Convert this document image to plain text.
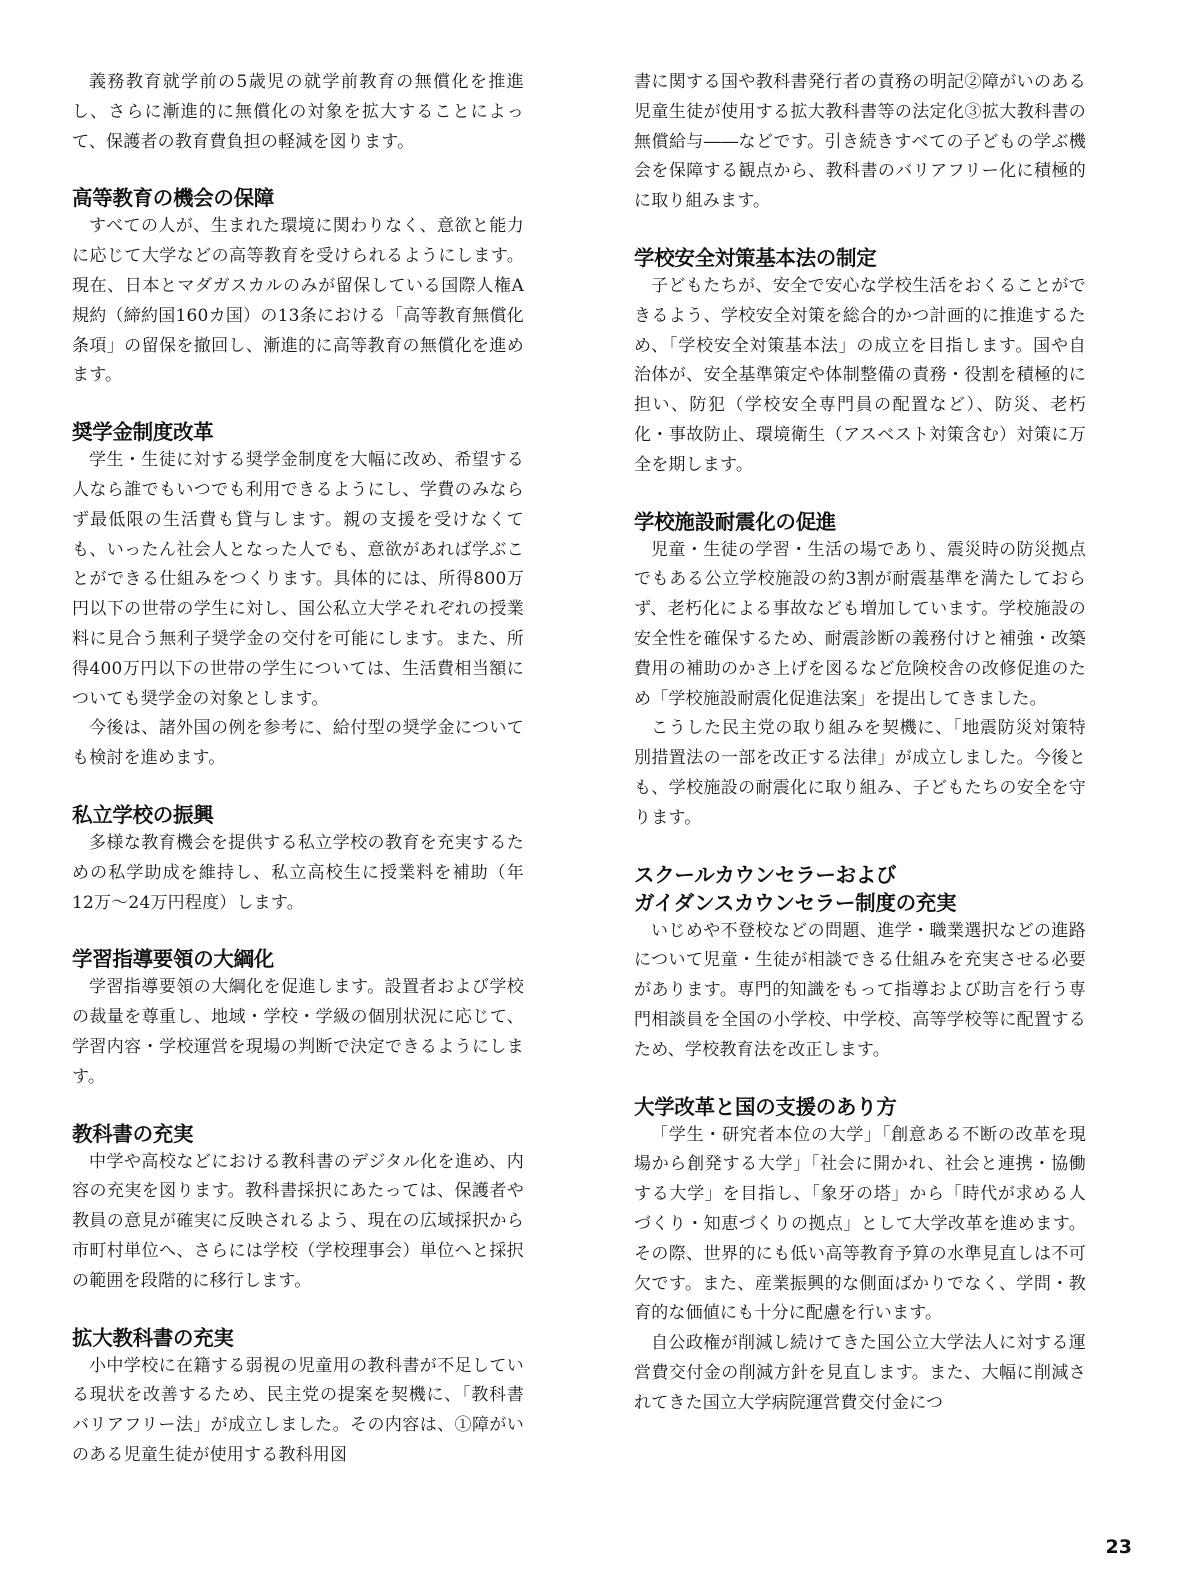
義務教育就学前の5歳児の就学前教育の無償化を推進し、さらに漸進的に無償化の対象を拡大することによって、保護者の教育費負担の軽減を図ります。

高等教育の機会の保障

すべての人が、生まれた環境に関わりなく、意欲と能力に応じて大学などの高等教育を受けられるようにします。現在、日本とマダガスカルのみが留保している国際人権A規約（締約国160カ国）の13条における「高等教育無償化条項」の留保を撤回し、漸進的に高等教育の無償化を進めます。

奨学金制度改革

学生・生徒に対する奨学金制度を大幅に改め、希望する人なら誰でもいつでも利用できるようにし、学費のみならず最低限の生活費も貸与します。親の支援を受けなくても、いったん社会人となった人でも、意欲があれば学ぶことができる仕組みをつくります。具体的には、所得800万円以下の世帯の学生に対し、国公私立大学それぞれの授業料に見合う無利子奨学金の交付を可能にします。また、所得400万円以下の世帯の学生については、生活費相当額についても奨学金の対象とします。

今後は、諸外国の例を参考に、給付型の奨学金についても検討を進めます。

私立学校の振興

多様な教育機会を提供する私立学校の教育を充実するための私学助成を維持し、私立高校生に授業料を補助（年12万～24万円程度）します。

学習指導要領の大綱化

学習指導要領の大綱化を促進します。設置者および学校の裁量を尊重し、地域・学校・学級の個別状況に応じて、学習内容・学校運営を現場の判断で決定できるようにします。

教科書の充実

中学や高校などにおける教科書のデジタル化を進め、内容の充実を図ります。教科書採択にあたっては、保護者や教員の意見が確実に反映されるよう、現在の広域採択から市町村単位へ、さらには学校（学校理事会）単位へと採択の範囲を段階的に移行します。

拡大教科書の充実

小中学校に在籍する弱視の児童用の教科書が不足している現状を改善するため、民主党の提案を契機に、「教科書バリアフリー法」が成立しました。その内容は、①障がいのある児童生徒が使用する教科用図

書に関する国や教科書発行者の責務の明記②障がいのある児童生徒が使用する拡大教科書等の法定化③拡大教科書の無償給与――などです。引き続きすべての子どもの学ぶ機会を保障する観点から、教科書のバリアフリー化に積極的に取り組みます。

学校安全対策基本法の制定

子どもたちが、安全で安心な学校生活をおくることができるよう、学校安全対策を総合的かつ計画的に推進するため、「学校安全対策基本法」の成立を目指します。国や自治体が、安全基準策定や体制整備の責務・役割を積極的に担い、防犯（学校安全専門員の配置など）、防災、老朽化・事故防止、環境衛生（アスベスト対策含む）対策に万全を期します。

学校施設耐震化の促進

児童・生徒の学習・生活の場であり、震災時の防災拠点でもある公立学校施設の約3割が耐震基準を満たしておらず、老朽化による事故なども増加しています。学校施設の安全性を確保するため、耐震診断の義務付けと補強・改築費用の補助のかさ上げを図るなど危険校舎の改修促進のため「学校施設耐震化促進法案」を提出してきました。

こうした民主党の取り組みを契機に、「地震防災対策特別措置法の一部を改正する法律」が成立しました。今後とも、学校施設の耐震化に取り組み、子どもたちの安全を守ります。

スクールカウンセラーおよび
ガイダンスカウンセラー制度の充実

いじめや不登校などの問題、進学・職業選択などの進路について児童・生徒が相談できる仕組みを充実させる必要があります。専門的知識をもって指導および助言を行う専門相談員を全国の小学校、中学校、高等学校等に配置するため、学校教育法を改正します。

大学改革と国の支援のあり方

「学生・研究者本位の大学」「創意ある不断の改革を現場から創発する大学」「社会に開かれ、社会と連携・協働する大学」を目指し、「象牙の塔」から「時代が求める人づくり・知恵づくりの拠点」として大学改革を進めます。その際、世界的にも低い高等教育予算の水準見直しは不可欠です。また、産業振興的な側面ばかりでなく、学問・教育的な価値にも十分に配慮を行います。

自公政権が削減し続けてきた国公立大学法人に対する運営費交付金の削減方針を見直します。また、大幅に削減されてきた国立大学病院運営費交付金につ

23
